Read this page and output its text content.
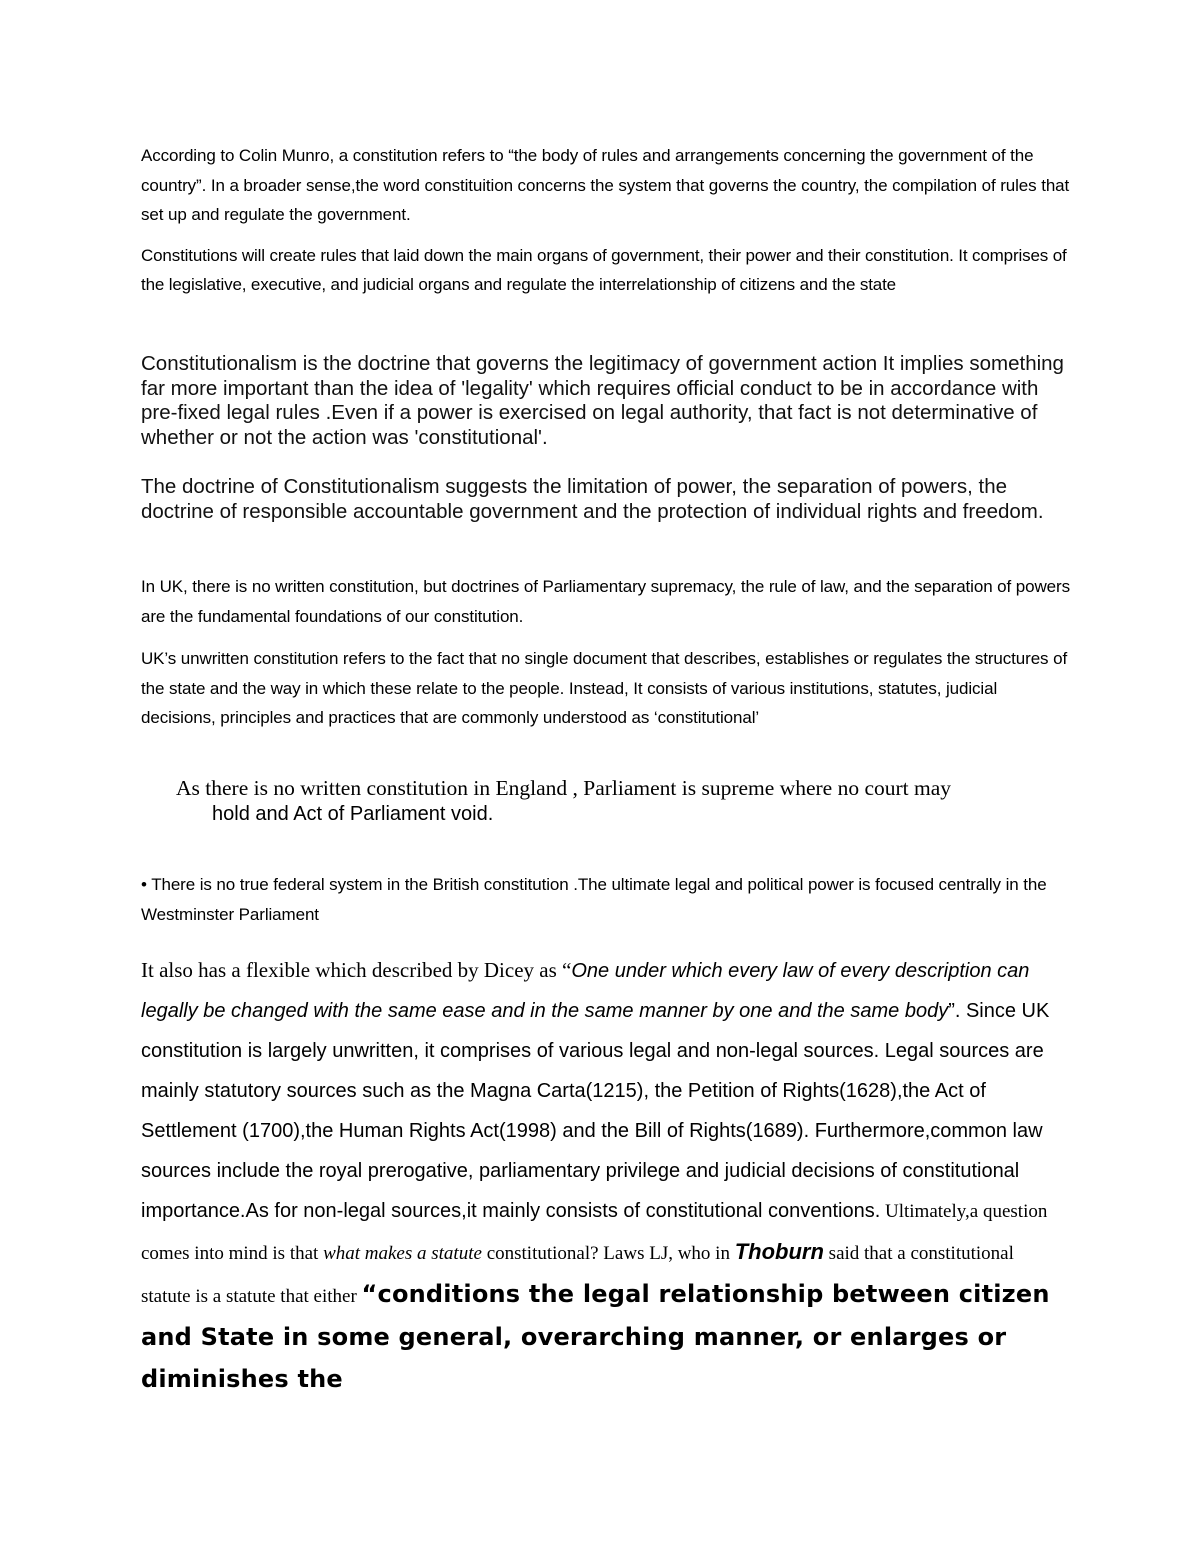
According to Colin Munro, a constitution refers to “the body of rules and arrangements concerning the government of the country”. In a broader sense,the word constituition concerns the system that governs the country, the compilation of rules that set up and regulate the government.

Constitutions will create rules that laid down the main organs of government, their power and their constitution. It comprises of the legislative, executive, and judicial organs and regulate the interrelationship of citizens and the state

Constitutionalism is the doctrine that governs the legitimacy of government action It implies something far more important than the idea of 'legality' which requires official conduct to be in accordance with pre-fixed legal rules .Even if a power is exercised on legal authority, that fact is not determinative of whether or not the action was 'constitutional'.

The doctrine of Constitutionalism suggests the limitation of power, the separation of powers, the doctrine of responsible accountable government and the protection of individual rights and freedom.

In UK, there is no written constitution, but doctrines of Parliamentary supremacy, the rule of law, and the separation of powers are the fundamental foundations of our constitution.

UK’s unwritten constitution refers to the fact that no single document that describes, establishes or regulates the structures of the state and the way in which these relate to the people. Instead, It consists of various institutions, statutes, judicial decisions, principles and practices that are commonly understood as ‘constitutional’

As there is no written constitution in England , Parliament is supreme where no court may
hold and Act of Parliament void.
• There is no true federal system in the British constitution .The ultimate legal and political power is focused centrally in the Westminster Parliament

It also has a flexible which described by Dicey as “One under which every law of every description can legally be changed with the same ease and in the same manner by one and the same body”. Since UK constitution is largely unwritten, it comprises of various legal and non-legal sources. Legal sources are mainly statutory sources such as the Magna Carta(1215), the Petition of Rights(1628),the Act of Settlement (1700),the Human Rights Act(1998) and the Bill of Rights(1689). Furthermore,common law sources include the royal prerogative, parliamentary privilege and judicial decisions of constitutional importance.As for non-legal sources,it mainly consists of constitutional conventions. Ultimately,a question comes into mind is that what makes a statute constitutional? Laws LJ, who in Thoburn said that a constitutional statute is a statute that either “conditions the legal relationship between citizen and State in some general, overarching manner, or enlarges or diminishes the
